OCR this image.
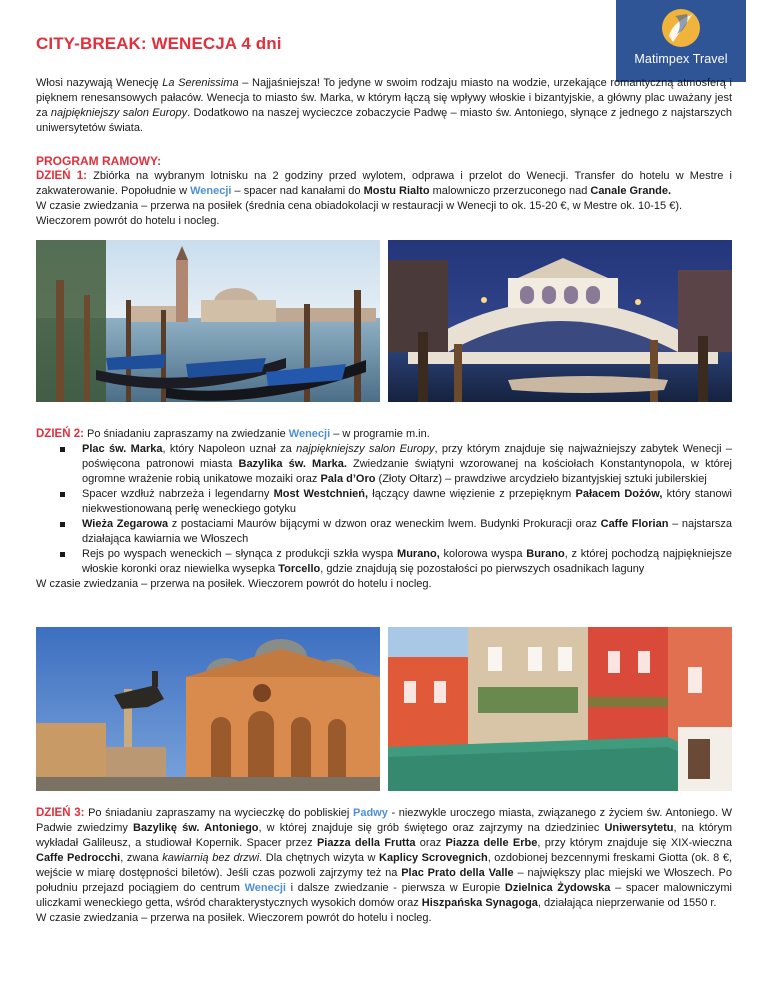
Matimpex Travel
CITY-BREAK: WENECJA 4 dni
Włosi nazywają Wenecję La Serenissima – Najjaśniejsza! To jedyne w swoim rodzaju miasto na wodzie, urzekające romantyczną atmosferą i pięknem renesansowych pałaców. Wenecja to miasto św. Marka, w którym łączą się wpływy włoskie i bizantyjskie, a główny plac uważany jest za najpiękniejszy salon Europy. Dodatkowo na naszej wycieczce zobaczycie Padwę – miasto św. Antoniego, słynące z jednego z najstarszych uniwersytetów świata.
PROGRAM RAMOWY:
DZIEŃ 1: Zbiórka na wybranym lotnisku na 2 godziny przed wylotem, odprawa i przelot do Wenecji. Transfer do hotelu w Mestre i zakwaterowanie. Popołudnie w Wenecji – spacer nad kanałami do Mostu Rialto malowniczo przerzuconego nad Canale Grande.
W czasie zwiedzania – przerwa na posiłek (średnia cena obiadokolacji w restauracji w Wenecji to ok. 15-20 €, w Mestre ok. 10-15 €).
Wieczorem powrót do hotelu i nocleg.
DZIEŃ 2: Po śniadaniu zapraszamy na zwiedzanie Wenecji – w programie m.in.
Plac św. Marka, który Napoleon uznał za najpiękniejszy salon Europy, przy którym znajduje się najważniejszy zabytek Wenecji – poświęcona patronowi miasta Bazylika św. Marka. Zwiedzanie świątyni wzorowanej na kościołach Konstantynopola, w której ogromne wrażenie robią unikatowe mozaiki oraz Pala d’Oro (Złoty Ołtarz) – prawdziwe arcydzieło bizantyjskiej sztuki jubilerskiej
Spacer wzdłuż nabrzeża i legendarny Most Westchnień, łączący dawne więzienie z przepięknym Pałacem Dożów, który stanowi niekwestionowaną perłę weneckiego gotyku
Wieża Zegarowa z postaciami Maurów bijącymi w dzwon oraz weneckim lwem. Budynki Prokuracji oraz Caffe Florian – najstarsza działająca kawiarnia we Włoszech
Rejs po wyspach weneckich – słynąca z produkcji szkła wyspa Murano, kolorowa wyspa Burano, z której pochodzą najpiękniejsze włoskie koronki oraz niewielka wysepka Torcello, gdzie znajdują się pozostałości po pierwszych osadnikach laguny
W czasie zwiedzania – przerwa na posiłek. Wieczorem powrót do hotelu i nocleg.
DZIEŃ 3: Po śniadaniu zapraszamy na wycieczkę do pobliskiej Padwy - niezwykle uroczego miasta, związanego z życiem św. Antoniego. W Padwie zwiedzimy Bazylikę św. Antoniego, w której znajduje się grób świętego oraz zajrzymy na dziedziniec Uniwersytetu, na którym wykładał Galileusz, a studiował Kopernik. Spacer przez Piazza della Frutta oraz Piazza delle Erbe, przy którym znajduje się XIX-wieczna Caffe Pedrocchi, zwana kawiarnią bez drzwi. Dla chętnych wizyta w Kaplicy Scrovegnich, ozdobionej bezcennymi freskami Giotta (ok. 8 €, wejście w miarę dostępności biletów). Jeśli czas pozwoli zajrzymy też na Plac Prato della Valle – największy plac miejski we Włoszech. Po południu przejazd pociągiem do centrum Wenecji i dalsze zwiedzanie - pierwsza w Europie Dzielnica Żydowska – spacer malowniczymi uliczkami weneckiego getta, wśród charakterystycznych wysokich domów oraz Hiszpańska Synagoga, działająca nieprzerwanie od 1550 r.
W czasie zwiedzania – przerwa na posiłek. Wieczorem powrót do hotelu i nocleg.
